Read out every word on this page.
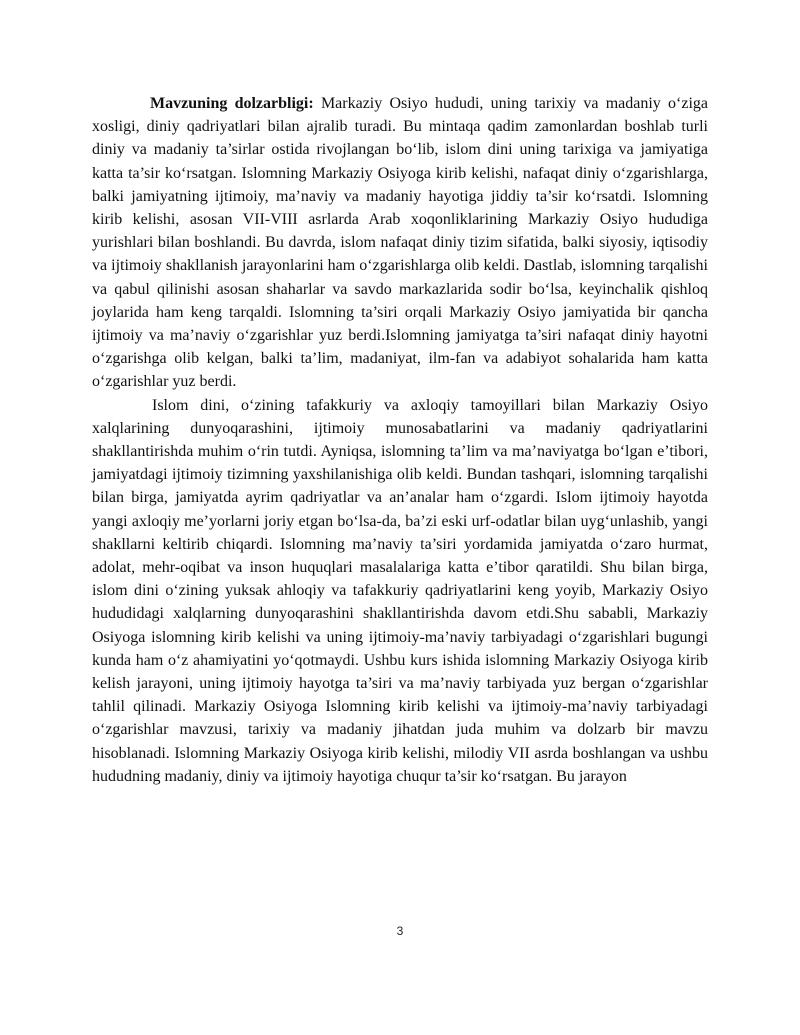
Mavzuning dolzarbligi: Markaziy Osiyo hududi, uning tarixiy va madaniy o‘ziga xosligi, diniy qadriyatlari bilan ajralib turadi. Bu mintaqa qadim zamonlardan boshlab turli diniy va madaniy ta’sirlar ostida rivojlangan bo‘lib, islom dini uning tarixiga va jamiyatiga katta ta’sir ko‘rsatgan. Islomning Markaziy Osiyoga kirib kelishi, nafaqat diniy o‘zgarishlarga, balki jamiyatning ijtimoiy, ma’naviy va madaniy hayotiga jiddiy ta’sir ko‘rsatdi. Islomning kirib kelishi, asosan VII-VIII asrlarda Arab xoqonliklarining Markaziy Osiyo hududiga yurishlari bilan boshlandi. Bu davrda, islom nafaqat diniy tizim sifatida, balki siyosiy, iqtisodiy va ijtimoiy shakllanish jarayonlarini ham o‘zgarishlarga olib keldi. Dastlab, islomning tarqalishi va qabul qilinishi asosan shaharlar va savdo markazlarida sodir bo‘lsa, keyinchalik qishloq joylarida ham keng tarqaldi. Islomning ta’siri orqali Markaziy Osiyo jamiyatida bir qancha ijtimoiy va ma’naviy o‘zgarishlar yuz berdi.Islomning jamiyatga ta’siri nafaqat diniy hayotni o‘zgarishga olib kelgan, balki ta’lim, madaniyat, ilm-fan va adabiyot sohalarida ham katta o‘zgarishlar yuz berdi.

Islom dini, o‘zining tafakkuriy va axloqiy tamoyillari bilan Markaziy Osiyo xalqlarining dunyoqarashini, ijtimoiy munosabatlarini va madaniy qadriyatlarini shakllantirishda muhim o‘rin tutdi. Ayniqsa, islomning ta’lim va ma’naviyatga bo‘lgan e’tibori, jamiyatdagi ijtimoiy tizimning yaxshilanishiga olib keldi. Bundan tashqari, islomning tarqalishi bilan birga, jamiyatda ayrim qadriyatlar va an’analar ham o‘zgardi. Islom ijtimoiy hayotda yangi axloqiy me’yorlarni joriy etgan bo‘lsa-da, ba’zi eski urf-odatlar bilan uyg‘unlashib, yangi shakllarni keltirib chiqardi. Islomning ma’naviy ta’siri yordamida jamiyatda o‘zaro hurmat, adolat, mehr-oqibat va inson huquqlari masalalariga katta e’tibor qaratildi. Shu bilan birga, islom dini o‘zining yuksak ahloqiy va tafakkuriy qadriyatlarini keng yoyib, Markaziy Osiyo hududidagi xalqlarning dunyoqarashini shakllantirishda davom etdi.Shu sababli, Markaziy Osiyoga islomning kirib kelishi va uning ijtimoiy-ma’naviy tarbiyadagi o‘zgarishlari bugungi kunda ham o‘z ahamiyatini yo‘qotmaydi. Ushbu kurs ishida islomning Markaziy Osiyoga kirib kelish jarayoni, uning ijtimoiy hayotga ta’siri va ma’naviy tarbiyada yuz bergan o‘zgarishlar tahlil qilinadi. Markaziy Osiyoga Islomning kirib kelishi va ijtimoiy-ma’naviy tarbiyadagi o‘zgarishlar mavzusi, tarixiy va madaniy jihatdan juda muhim va dolzarb bir mavzu hisoblanadi. Islomning Markaziy Osiyoga kirib kelishi, milodiy VII asrda boshlangan va ushbu hududning madaniy, diniy va ijtimoiy hayotiga chuqur ta’sir ko‘rsatgan. Bu jarayon

3
